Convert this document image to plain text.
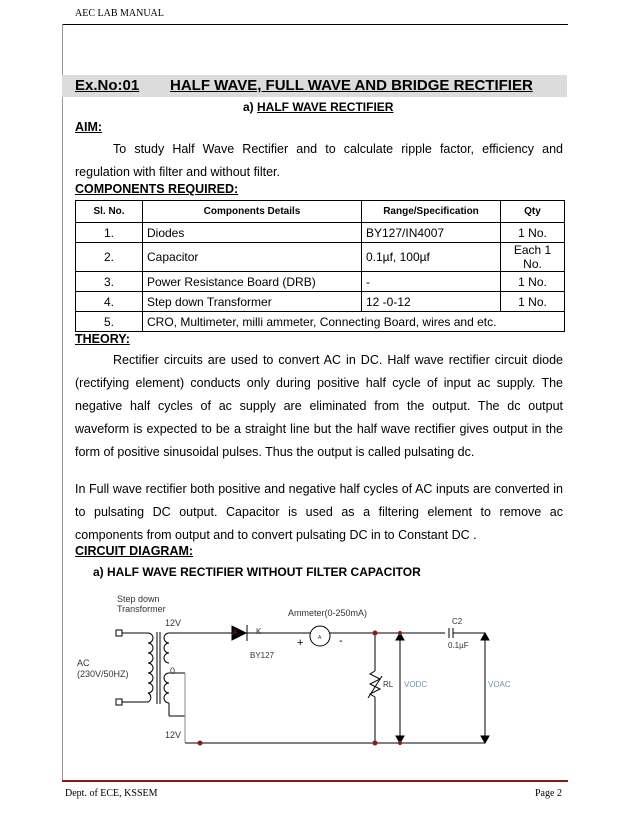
AEC LAB MANUAL
Ex.No:01 HALF WAVE, FULL WAVE AND BRIDGE RECTIFIER
a) HALF WAVE RECTIFIER
AIM:
To study Half Wave Rectifier and to calculate ripple factor, efficiency and regulation with filter and without filter.
COMPONENTS REQUIRED:
Sl. No.	Components Details	Range/Specification	Qty
1.	Diodes	BY127/IN4007	1 No.
2.	Capacitor	0.1µf, 100µf	Each 1 No.
3.	Power Resistance Board (DRB)	-	1 No.
4.	Step down Transformer	12 -0-12	1 No.
5.	CRO, Multimeter, milli ammeter, Connecting Board, wires and etc.		
THEORY:
Rectifier circuits are used to convert AC in DC. Half wave rectifier circuit diode (rectifying element) conducts only during positive half cycle of input ac supply. The negative half cycles of ac supply are eliminated from the output. The dc output waveform is expected to be a straight line but the half wave rectifier gives output in the form of positive sinusoidal pulses. Thus the output is called pulsating dc.
In Full wave rectifier both positive and negative half cycles of AC inputs are converted in to pulsating DC output. Capacitor is used as a filtering element to remove ac components from output and to convert pulsating DC in to Constant DC .
CIRCUIT DIAGRAM:
a) HALF WAVE RECTIFIER WITHOUT FILTER CAPACITOR
Step down
Transformer
12V
0
12V
AC
(230V/50HZ)
A K
BY127
Ammeter(0-250mA)
A
+	-
C2
0.1µF
RL VODC	VOAC
Dept. of ECE, KSSEM	Page 2
